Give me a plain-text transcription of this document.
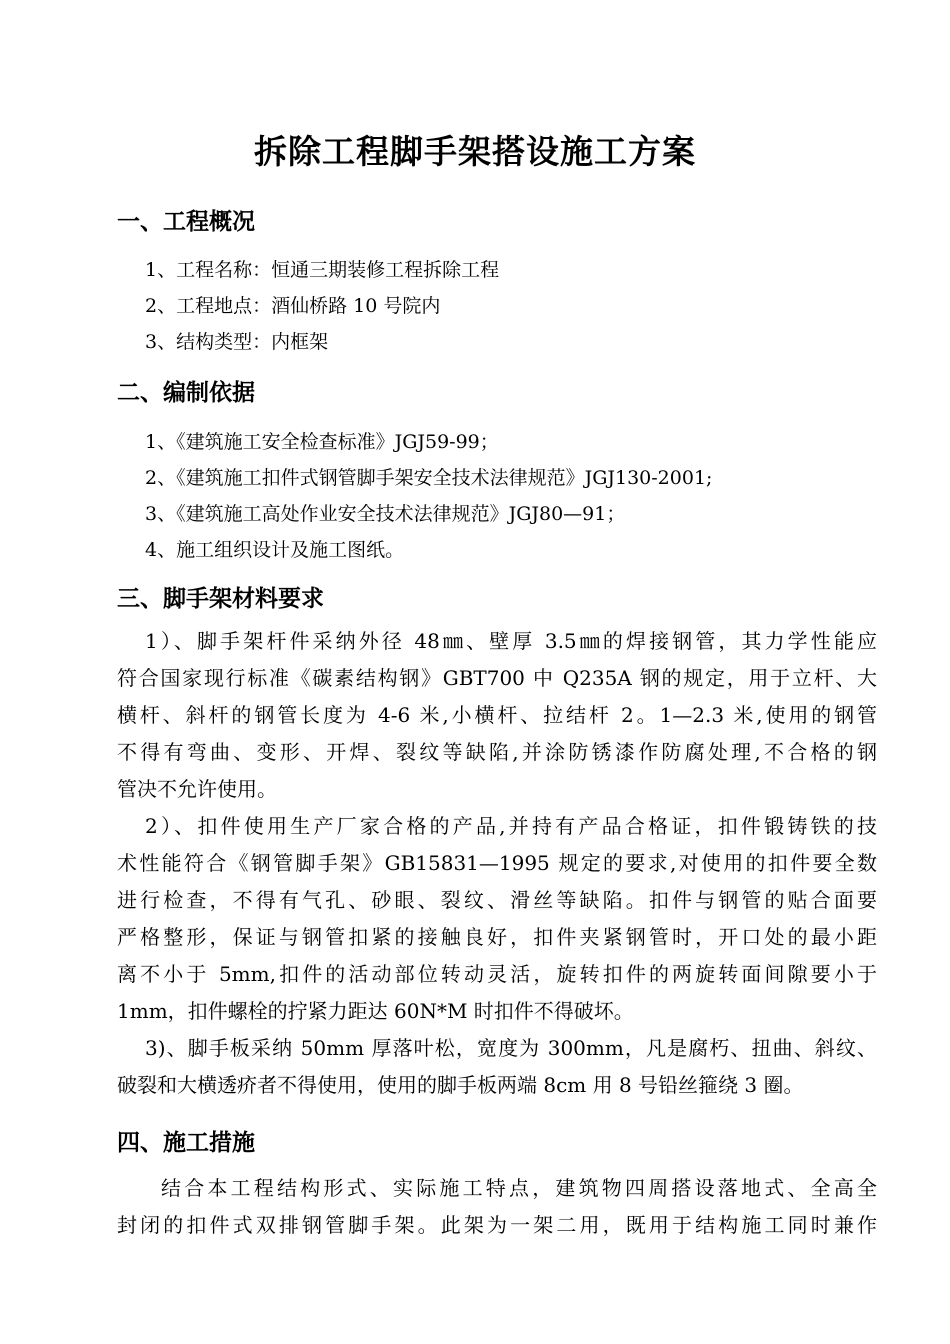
拆除工程脚手架搭设施工方案
一、工程概况
1、工程名称：恒通三期装修工程拆除工程
2、工程地点：酒仙桥路 10 号院内
3、结构类型：内框架
二、编制依据
1、《建筑施工安全检查标准》JGJ59-99；
2、《建筑施工扣件式钢管脚手架安全技术法律规范》JGJ130-2001;
3、《建筑施工高处作业安全技术法律规范》JGJ80—91；
4、施工组织设计及施工图纸。
三、脚手架材料要求
1）、脚手架杆件采纳外径 48㎜、壁厚 3.5㎜的焊接钢管，其力学性能应
符合国家现行标准《碳素结构钢》GBT700 中 Q235A 钢的规定，用于立杆、大
横杆、斜杆的钢管长度为 4-6 米,小横杆、拉结杆 2。1—2.3 米,使用的钢管
不得有弯曲、变形、开焊、裂纹等缺陷,并涂防锈漆作防腐处理,不合格的钢
管决不允许使用。
2）、扣件使用生产厂家合格的产品,并持有产品合格证，扣件锻铸铁的技
术性能符合《钢管脚手架》GB15831—1995 规定的要求,对使用的扣件要全数
进行检查，不得有气孔、砂眼、裂纹、滑丝等缺陷。扣件与钢管的贴合面要
严格整形，保证与钢管扣紧的接触良好，扣件夹紧钢管时，开口处的最小距
离不小于 5mm,扣件的活动部位转动灵活，旋转扣件的两旋转面间隙要小于
1mm，扣件螺栓的拧紧力距达 60N*M 时扣件不得破坏。
3)、脚手板采纳 50mm 厚落叶松，宽度为 300mm，凡是腐朽、扭曲、斜纹、
破裂和大横透疥者不得使用，使用的脚手板两端 8cm 用 8 号铅丝箍绕 3 圈。
四、施工措施
结合本工程结构形式、实际施工特点，建筑物四周搭设落地式、全高全
封闭的扣件式双排钢管脚手架。此架为一架二用，既用于结构施工同时兼作
